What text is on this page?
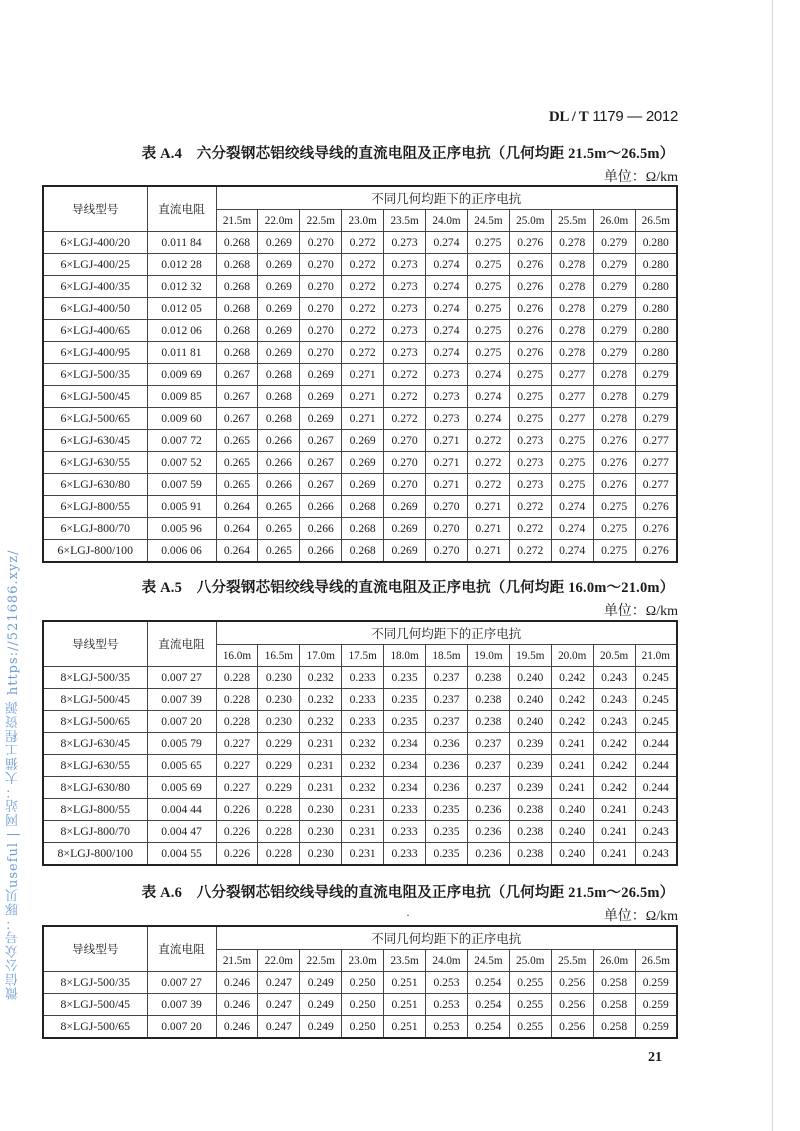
DL / T 1179 — 2012
微信公众号：豚贝useful | 网站：大猫工程资源 https://521686.xyz/
表 A.4　六分裂钢芯铝绞线导线的直流电阻及正序电抗（几何均距 21.5m～26.5m）
单位：Ω/km
导线型号	直流电阻	不同几何均距下的正序电抗										
		21.5m	22.0m	22.5m	23.0m	23.5m	24.0m	24.5m	25.0m	25.5m	26.0m	26.5m
6×LGJ-400/20	0.011 84	0.268	0.269	0.270	0.272	0.273	0.274	0.275	0.276	0.278	0.279	0.280
6×LGJ-400/25	0.012 28	0.268	0.269	0.270	0.272	0.273	0.274	0.275	0.276	0.278	0.279	0.280
6×LGJ-400/35	0.012 32	0.268	0.269	0.270	0.272	0.273	0.274	0.275	0.276	0.278	0.279	0.280
6×LGJ-400/50	0.012 05	0.268	0.269	0.270	0.272	0.273	0.274	0.275	0.276	0.278	0.279	0.280
6×LGJ-400/65	0.012 06	0.268	0.269	0.270	0.272	0.273	0.274	0.275	0.276	0.278	0.279	0.280
6×LGJ-400/95	0.011 81	0.268	0.269	0.270	0.272	0.273	0.274	0.275	0.276	0.278	0.279	0.280
6×LGJ-500/35	0.009 69	0.267	0.268	0.269	0.271	0.272	0.273	0.274	0.275	0.277	0.278	0.279
6×LGJ-500/45	0.009 85	0.267	0.268	0.269	0.271	0.272	0.273	0.274	0.275	0.277	0.278	0.279
6×LGJ-500/65	0.009 60	0.267	0.268	0.269	0.271	0.272	0.273	0.274	0.275	0.277	0.278	0.279
6×LGJ-630/45	0.007 72	0.265	0.266	0.267	0.269	0.270	0.271	0.272	0.273	0.275	0.276	0.277
6×LGJ-630/55	0.007 52	0.265	0.266	0.267	0.269	0.270	0.271	0.272	0.273	0.275	0.276	0.277
6×LGJ-630/80	0.007 59	0.265	0.266	0.267	0.269	0.270	0.271	0.272	0.273	0.275	0.276	0.277
6×LGJ-800/55	0.005 91	0.264	0.265	0.266	0.268	0.269	0.270	0.271	0.272	0.274	0.275	0.276
6×LGJ-800/70	0.005 96	0.264	0.265	0.266	0.268	0.269	0.270	0.271	0.272	0.274	0.275	0.276
6×LGJ-800/100	0.006 06	0.264	0.265	0.266	0.268	0.269	0.270	0.271	0.272	0.274	0.275	0.276
表 A.5　八分裂钢芯铝绞线导线的直流电阻及正序电抗（几何均距 16.0m～21.0m）
单位：Ω/km
导线型号	直流电阻	不同几何均距下的正序电抗										
		16.0m	16.5m	17.0m	17.5m	18.0m	18.5m	19.0m	19.5m	20.0m	20.5m	21.0m
8×LGJ-500/35	0.007 27	0.228	0.230	0.232	0.233	0.235	0.237	0.238	0.240	0.242	0.243	0.245
8×LGJ-500/45	0.007 39	0.228	0.230	0.232	0.233	0.235	0.237	0.238	0.240	0.242	0.243	0.245
8×LGJ-500/65	0.007 20	0.228	0.230	0.232	0.233	0.235	0.237	0.238	0.240	0.242	0.243	0.245
8×LGJ-630/45	0.005 79	0.227	0.229	0.231	0.232	0.234	0.236	0.237	0.239	0.241	0.242	0.244
8×LGJ-630/55	0.005 65	0.227	0.229	0.231	0.232	0.234	0.236	0.237	0.239	0.241	0.242	0.244
8×LGJ-630/80	0.005 69	0.227	0.229	0.231	0.232	0.234	0.236	0.237	0.239	0.241	0.242	0.244
8×LGJ-800/55	0.004 44	0.226	0.228	0.230	0.231	0.233	0.235	0.236	0.238	0.240	0.241	0.243
8×LGJ-800/70	0.004 47	0.226	0.228	0.230	0.231	0.233	0.235	0.236	0.238	0.240	0.241	0.243
8×LGJ-800/100	0.004 55	0.226	0.228	0.230	0.231	0.233	0.235	0.236	0.238	0.240	0.241	0.243
表 A.6　八分裂钢芯铝绞线导线的直流电阻及正序电抗（几何均距 21.5m～26.5m）
·	单位：Ω/km
导线型号	直流电阻	不同几何均距下的正序电抗										
		21.5m	22.0m	22.5m	23.0m	23.5m	24.0m	24.5m	25.0m	25.5m	26.0m	26.5m
8×LGJ-500/35	0.007 27	0.246	0.247	0.249	0.250	0.251	0.253	0.254	0.255	0.256	0.258	0.259
8×LGJ-500/45	0.007 39	0.246	0.247	0.249	0.250	0.251	0.253	0.254	0.255	0.256	0.258	0.259
8×LGJ-500/65	0.007 20	0.246	0.247	0.249	0.250	0.251	0.253	0.254	0.255	0.256	0.258	0.259
21
